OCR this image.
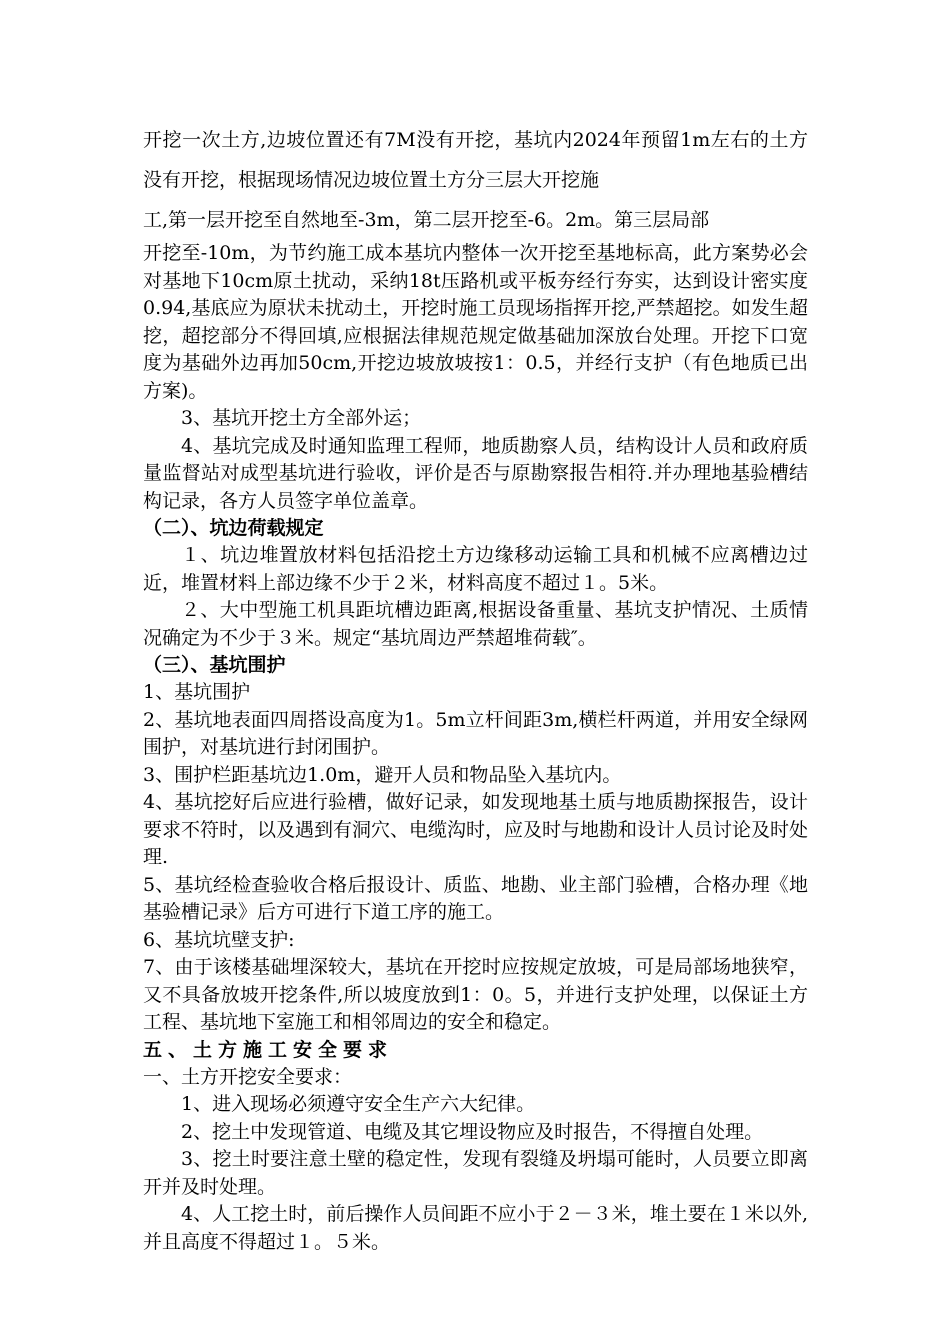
开挖一次土方,边坡位置还有7M没有开挖，基坑内2024年预留1m左右的土方没有开挖，根据现场情况边坡位置土方分三层大开挖施

工,第一层开挖至自然地至-3m，第二层开挖至-6。2m。第三层局部

开挖至-10m，为节约施工成本基坑内整体一次开挖至基地标高，此方案势必会对基地下10cm原土扰动，采纳18t压路机或平板夯经行夯实，达到设计密实度0.94,基底应为原状未扰动土，开挖时施工员现场指挥开挖,严禁超挖。如发生超挖，超挖部分不得回填,应根据法律规范规定做基础加深放台处理。开挖下口宽度为基础外边再加50cm,开挖边坡放坡按1：0.5，并经行支护（有色地质已出方案)。

3、基坑开挖土方全部外运；

4、基坑完成及时通知监理工程师，地质勘察人员，结构设计人员和政府质量监督站对成型基坑进行验收，评价是否与原勘察报告相符.并办理地基验槽结构记录，各方人员签字单位盖章。

（二）、坑边荷载规定

１、坑边堆置放材料包括沿挖土方边缘移动运输工具和机械不应离槽边过近，堆置材料上部边缘不少于２米，材料高度不超过１。5米。

２、大中型施工机具距坑槽边距离,根据设备重量、基坑支护情况、土质情况确定为不少于３米。规定“基坑周边严禁超堆荷载″。

（三）、基坑围护

1、基坑围护

2、基坑地表面四周搭设高度为1。5m立杆间距3m,横栏杆两道，并用安全绿网围护，对基坑进行封闭围护。

3、围护栏距基坑边1.0m，避开人员和物品坠入基坑内。

4、基坑挖好后应进行验槽，做好记录，如发现地基土质与地质勘探报告，设计要求不符时，以及遇到有洞穴、电缆沟时，应及时与地勘和设计人员讨论及时处理.

5、基坑经检查验收合格后报设计、质监、地勘、业主部门验槽，合格办理《地基验槽记录》后方可进行下道工序的施工。

6、基坑坑壁支护:

7、由于该楼基础埋深较大，基坑在开挖时应按规定放坡，可是局部场地狭窄，又不具备放坡开挖条件,所以坡度放到1：0。5，并进行支护处理，以保证土方工程、基坑地下室施工和相邻周边的安全和稳定。

五、土方施工安全要求

一、土方开挖安全要求：

1、进入现场必须遵守安全生产六大纪律。

2、挖土中发现管道、电缆及其它埋设物应及时报告，不得擅自处理。

3、挖土时要注意土壁的稳定性，发现有裂缝及坍塌可能时，人员要立即离开并及时处理。

4、人工挖土时，前后操作人员间距不应小于２－３米，堆土要在１米以外,并且高度不得超过１。５米。
